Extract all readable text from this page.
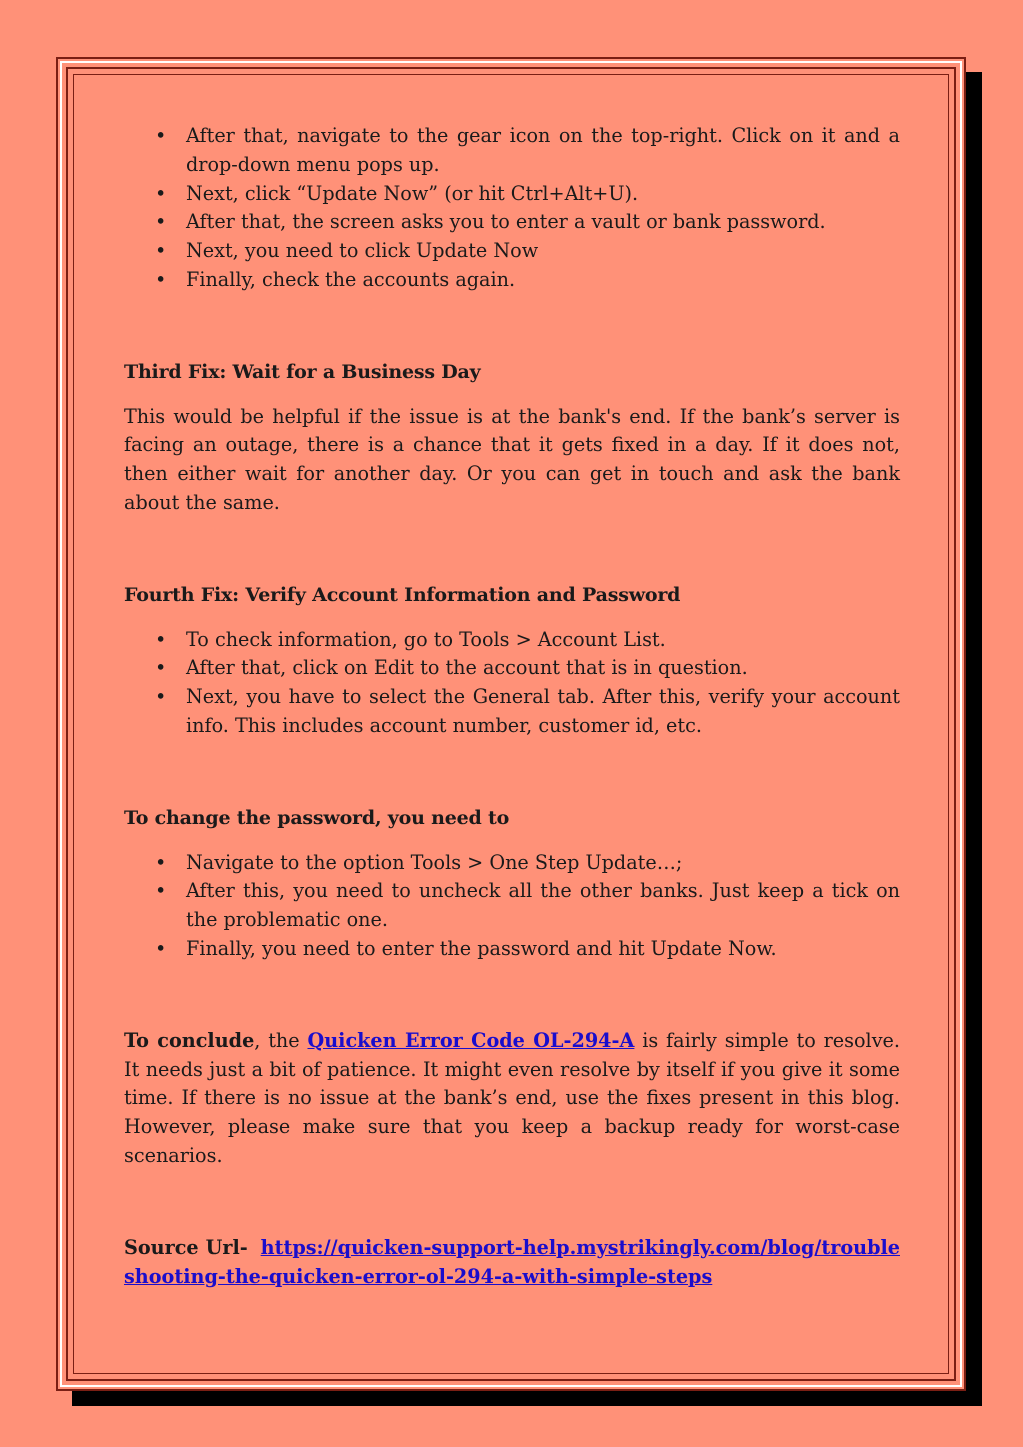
• After that, navigate to the gear icon on the top-right. Click on it and a drop-down menu pops up.
• Next, click “Update Now” (or hit Ctrl+Alt+U).
• After that, the screen asks you to enter a vault or bank password.
• Next, you need to click Update Now
• Finally, check the accounts again.
Third Fix: Wait for a Business Day

This would be helpful if the issue is at the bank's end. If the bank’s server is facing an outage, there is a chance that it gets fixed in a day. If it does not, then either wait for another day. Or you can get in touch and ask the bank about the same.

Fourth Fix: Verify Account Information and Password
• To check information, go to Tools > Account List.
• After that, click on Edit to the account that is in question.
• Next, you have to select the General tab. After this, verify your account info. This includes account number, customer id, etc.
To change the password, you need to
• Navigate to the option Tools > One Step Update…;
• After this, you need to uncheck all the other banks. Just keep a tick on the problematic one.
• Finally, you need to enter the password and hit Update Now.

To conclude, the Quicken Error Code OL-294-A is fairly simple to resolve. It needs just a bit of patience. It might even resolve by itself if you give it some time. If there is no issue at the bank’s end, use the fixes present in this blog. However, please make sure that you keep a backup ready for worst-case scenarios.

Source Url- https://quicken-support-help.mystrikingly.com/blog/troubleshooting-the-quicken-error-ol-294-a-with-simple-steps
